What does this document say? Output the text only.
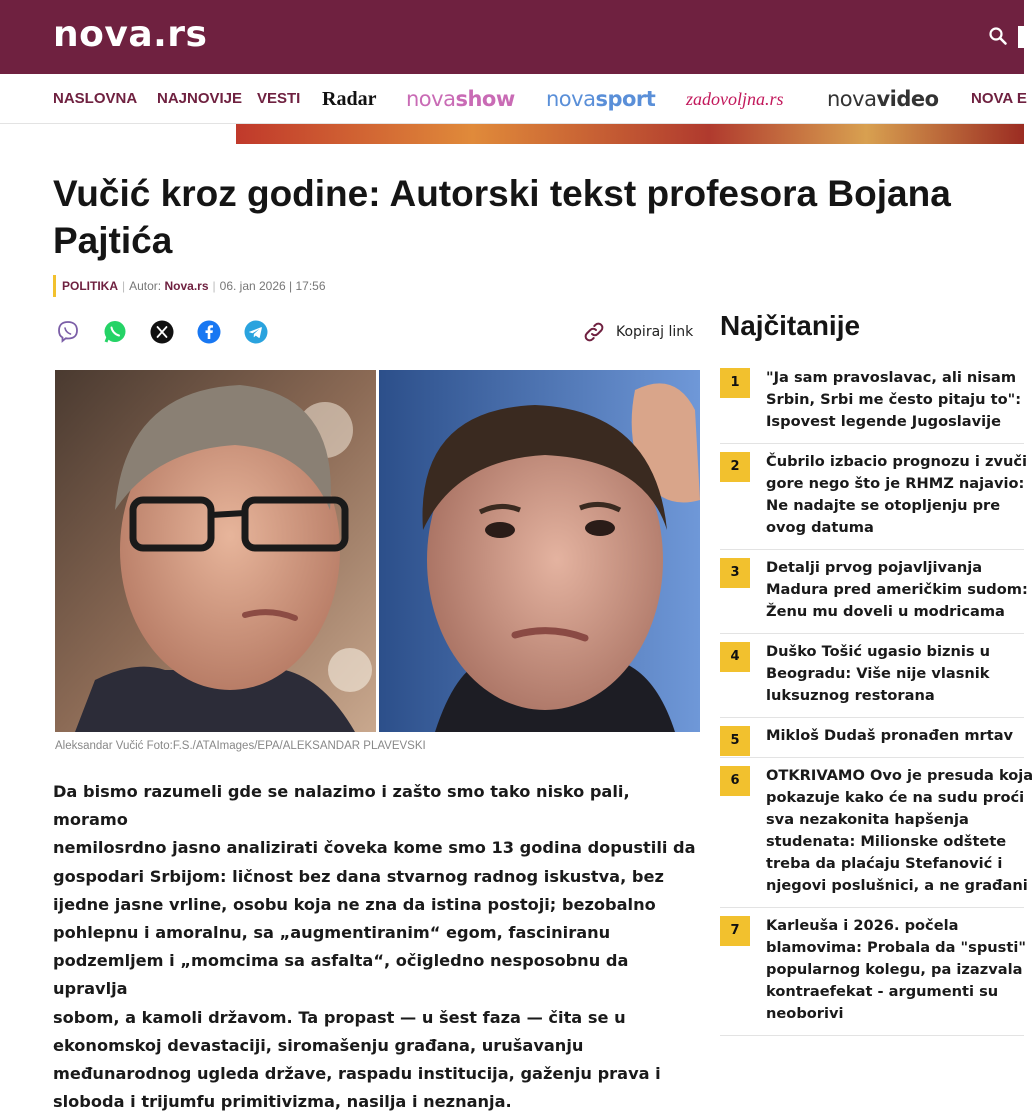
nova.rs
NASLOVNA NAJNOVIJE VESTI Radar novashow novasport zadovoljna.rs novavideo NOVA E
Vučić kroz godine: Autorski tekst profesora Bojana Pajtića
POLITIKA | Autor: Nova.rs | 06. jan 2026 | 17:56
Kopiraj link
Aleksandar Vučić Foto:F.S./ATAImages/EPA/ALEKSANDAR PLAVEVSKI
Da bismo razumeli gde se nalazimo i zašto smo tako nisko pali, moramo
nemilosrdno jasno analizirati čoveka kome smo 13 godina dopustili da
gospodari Srbijom: ličnost bez dana stvarnog radnog iskustva, bez
ijedne jasne vrline, osobu koja ne zna da istina postoji; bezobalno
pohlepnu i amoralnu, sa „augmentiranim“ egom, fasciniranu
podzemljem i „momcima sa asfalta“, očigledno nesposobnu da upravlja
sobom, a kamoli državom. Ta propast — u šest faza — čita se u
ekonomskoj devastaciji, siromašenju građana, urušavanju
međunarodnog ugleda države, raspadu institucija, gaženju prava i
sloboda i trijumfu primitivizma, nasilja i neznanja.
Najčitanije
1	"Ja sam pravoslavac, ali nisam
Srbin, Srbi me često pitaju to":
Ispovest legende Jugoslavije
2	Čubrilo izbacio prognozu i zvuči
gore nego što je RHMZ najavio:
Ne nadajte se otopljenju pre
ovog datuma
3	Detalji prvog pojavljivanja
Madura pred američkim sudom:
Ženu mu doveli u modricama
4	Duško Tošić ugasio biznis u
Beogradu: Više nije vlasnik
luksuznog restorana
5	Mikloš Dudaš pronađen mrtav
6	OTKRIVAMO Ovo je presuda koja
pokazuje kako će na sudu proći
sva nezakonita hapšenja
studenata: Milionske odštete
treba da plaćaju Stefanović i
njegovi poslušnici, a ne građani
7	Karleuša i 2026. počela
blamovima: Probala da "spusti"
popularnog kolegu, pa izazvala
kontraefekat - argumenti su
neoborivi
